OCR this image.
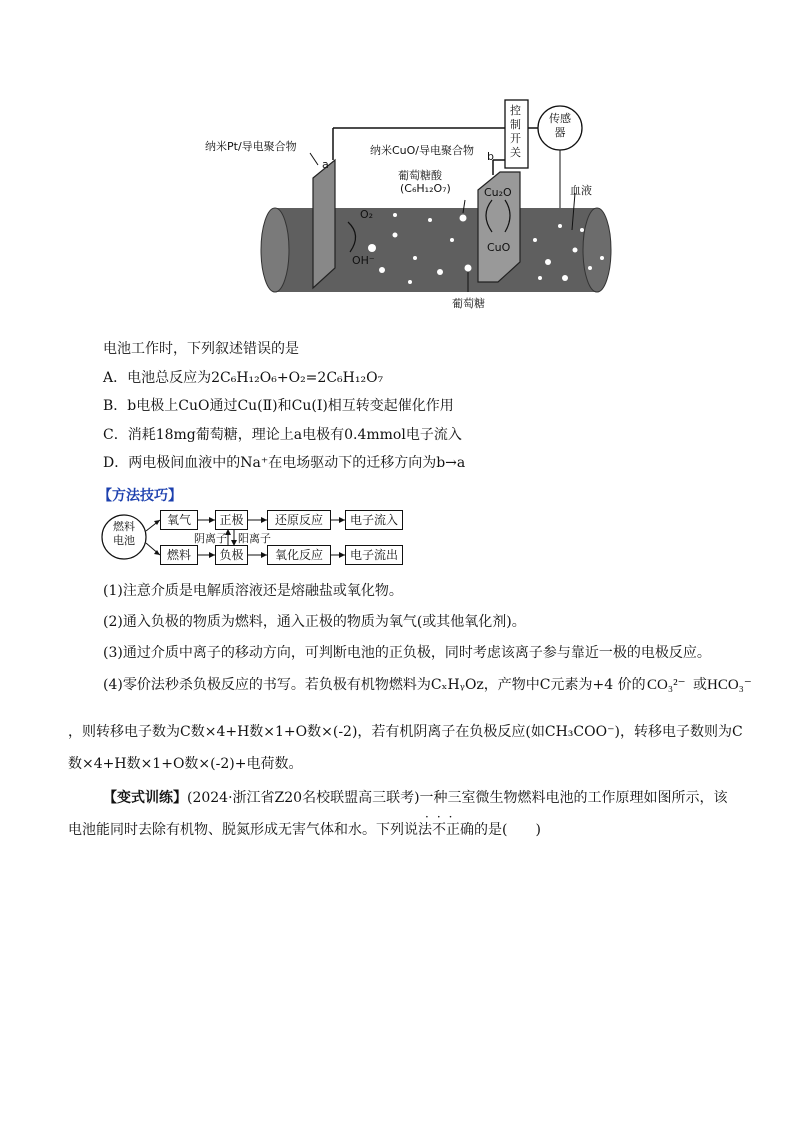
纳米Pt/导电聚合物
a
纳米CuO/导电聚合物 b
控制开关
传感器
葡萄糖酸
(C₆H₁₂O₇)
O₂
OH⁻
Cu₂O
CuO
血液
葡萄糖
电池工作时，下列叙述错误的是
A．电池总反应为2C₆H₁₂O₆+O₂=2C₆H₁₂O₇
B．b电极上CuO通过Cu(Ⅱ)和Cu(Ⅰ)相互转变起催化作用
C．消耗18mg葡萄糖，理论上a电极有0.4mmol电子流入
D．两电极间血液中的Na⁺在电场驱动下的迁移方向为b→a
【方法技巧】
燃料电池
氧气	正极	还原反应	电子流入
燃料	负极	氧化反应	电子流出
阴离子 阳离子
(1)注意介质是电解质溶液还是熔融盐或氧化物。
(2)通入负极的物质为燃料，通入正极的物质为氧气(或其他氧化剂)。
(3)通过介质中离子的移动方向，可判断电池的正负极，同时考虑该离子参与靠近一极的电极反应。
(4)零价法秒杀负极反应的书写。若负极有机物燃料为CₓHᵧOz，产物中C元素为+4 价的 CO₃²⁻ 或 HCO₃⁻
，则转移电子数为C数×4+H数×1+O数×(-2)，若有机阴离子在负极反应(如CH₃COO⁻)，转移电子数则为C
数×4+H数×1+O数×(-2)+电荷数。
【变式训练】(2024·浙江省Z20名校联盟高三联考)一种三室微生物燃料电池的工作原理如图所示，该
···
电池能同时去除有机物、脱氮形成无害气体和水。下列说法不正确的是(　　)
